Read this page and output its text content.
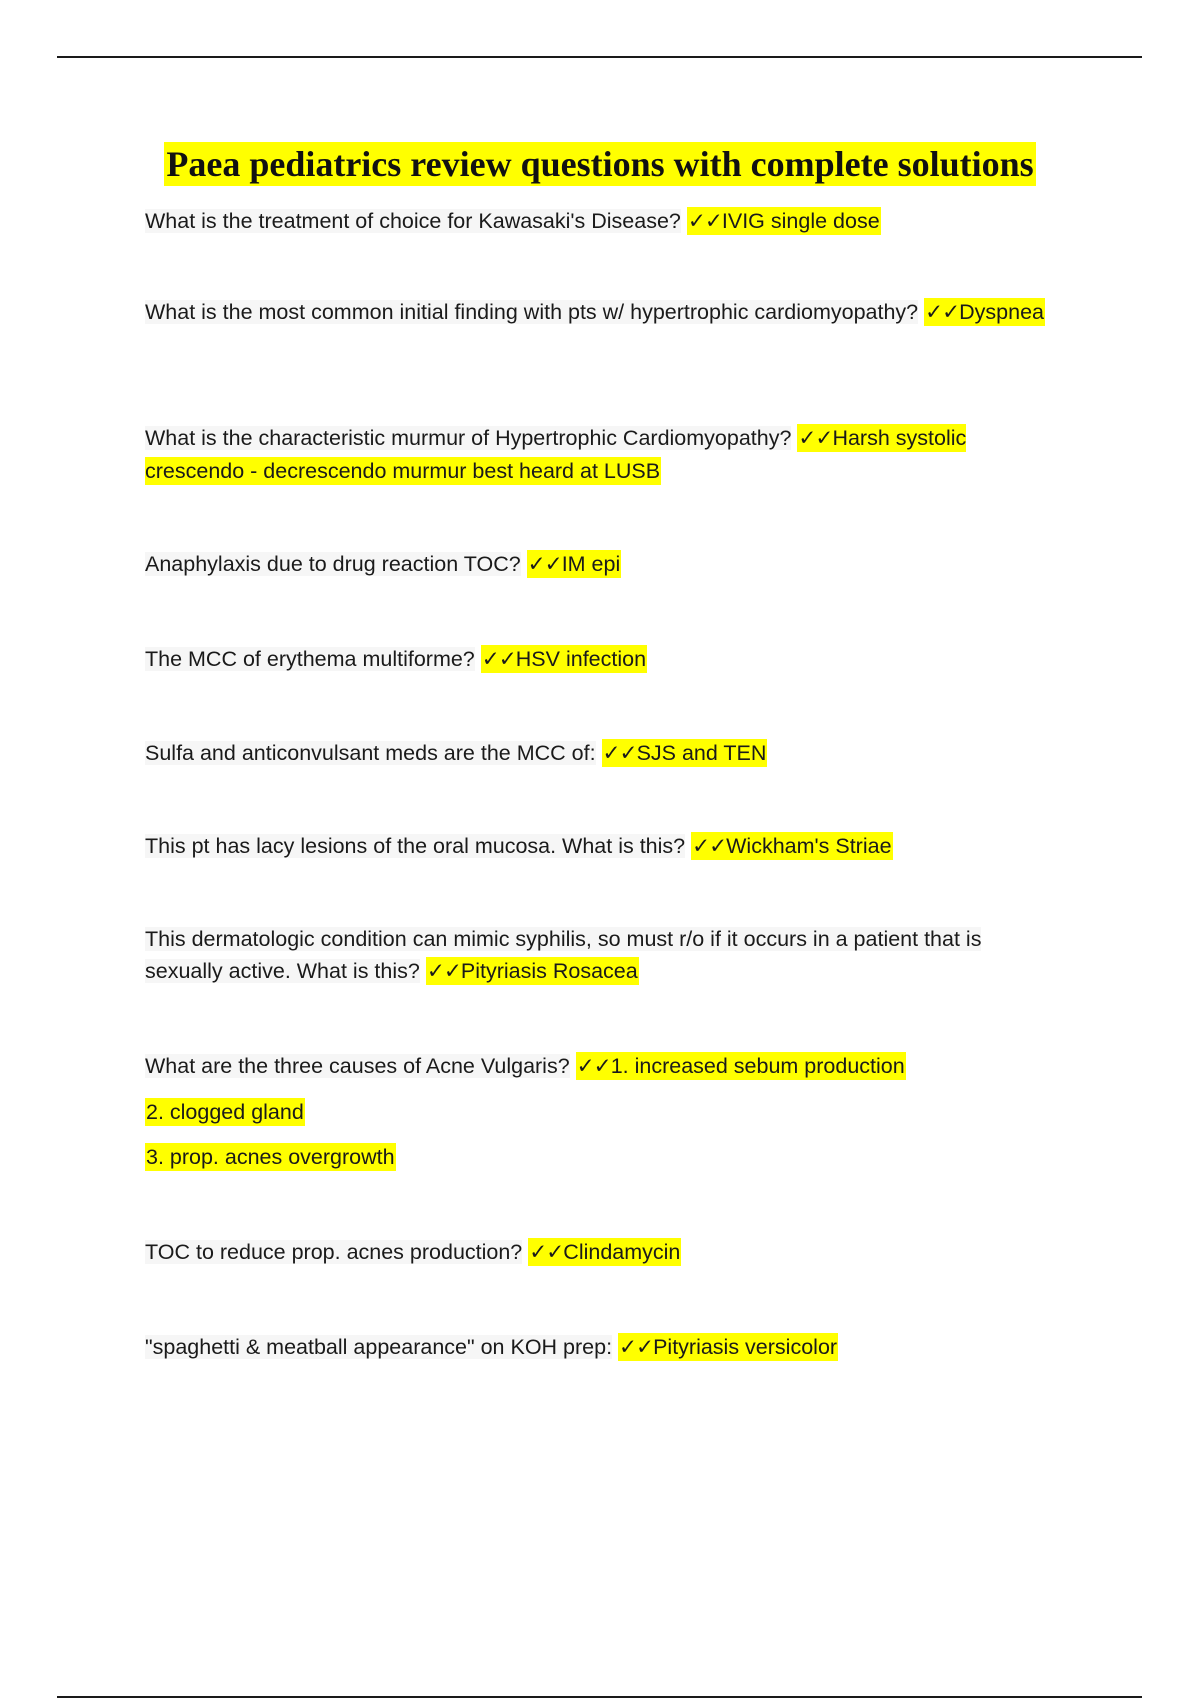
Paea pediatrics review questions with complete solutions
What is the treatment of choice for Kawasaki's Disease? ✓✓IVIG single dose
What is the most common initial finding with pts w/ hypertrophic cardiomyopathy? ✓✓Dyspnea
What is the characteristic murmur of Hypertrophic Cardiomyopathy? ✓✓Harsh systolic crescendo - decrescendo murmur best heard at LUSB
Anaphylaxis due to drug reaction TOC? ✓✓IM epi
The MCC of erythema multiforme? ✓✓HSV infection
Sulfa and anticonvulsant meds are the MCC of: ✓✓SJS and TEN
This pt has lacy lesions of the oral mucosa. What is this? ✓✓Wickham's Striae
This dermatologic condition can mimic syphilis, so must r/o if it occurs in a patient that is sexually active. What is this? ✓✓Pityriasis Rosacea
What are the three causes of Acne Vulgaris? ✓✓1. increased sebum production
2. clogged gland
3. prop. acnes overgrowth
TOC to reduce prop. acnes production? ✓✓Clindamycin
"spaghetti & meatball appearance" on KOH prep: ✓✓Pityriasis versicolor
